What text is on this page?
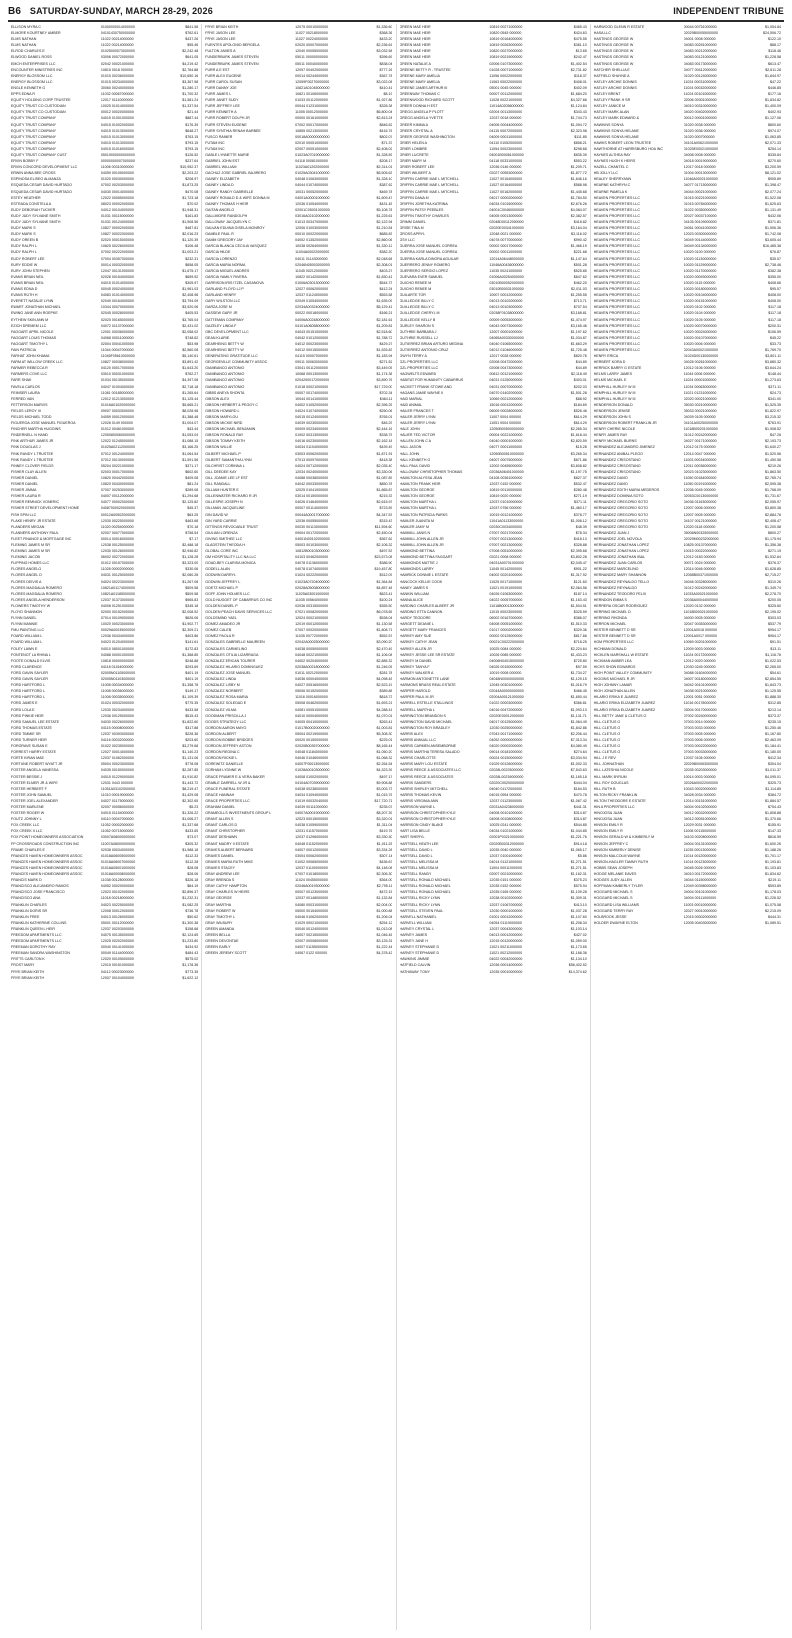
B6 SATURDAY-SUNDAY, MARCH 28-29, 2026	INDEPENDENT TRIBUNE
ELLISON MYRA C	01000000014000000	$841.58
ELMORE KOURTNEY AMBER	04101430750000000	$762.61
ELMS NATHAN	11022 00214000000	$437.26
ELMS NATHAN	11022 00214000000	$95.46
ELROD CHARLES E	01025000073000000	$2,242.48
ELWOOD DANIEL ROSS	03006 00072000000	$641.05
EMCH ENTERPRISES LLC	02042 00021000000	$4,219.42
ENCOUNTER MINISTRIES INC	10815 0018 000000	$2,764.88
ENERGY BLOSSOM LLC	01015 00236000000	$10,650.16
ENERGY BLOSSOM LLC	01015 00234000000	$3,367.58
ENGLE KENNETH G	30060 00240000000	$1,280.17
EPPS EDNA R	11032 00067000000	$1,700.32
EQUITY HOLDING CORP TRUSTEE	12017 01110000000	$1,581.24
EQUITY TRUST CO CUSTODIAN	10025 01014000000	$1,337.54
EQUITY TRUST CO CUSTODIAN	00012 00020000000	$21.44
EQUITY TRUST COMPANY	04015 01001000000	$887.44
EQUITY TRUST COMPANY	04015 01002000000	$176.39
EQUITY TRUST COMPANY	04015 01013000000	$648.27
EQUITY TRUST COMPANY	04015 01013000000	$763.15
EQUITY TRUST COMPANY	04015 01013000000	$793.15
EQUITY TRUST COMPANY	04015 01016000000	$793.15
EQUITY TRUST COMPANY CUST	05019000000000000	$126.52
ERVIN BOBBY F	00000000007000000	$237.64
ERVIN CONCORD DEVELOPMENT LLC	11006 00310000000	$10,952.37
ERWIN ANNA BEE CROSS	04059 00105000000	$2,203.22
ESPINOSA ELISEO ALMANZA	01020 00030000000	$208.97
ESQUEDA CESAR DAVID HURTADO	07002 00203000000	$1,873.25
ESQUEDA CESAR DAVID HURTADO	04030 00014000000	$470.08
ESTEY HEATHER	12022 00055000000	$1,723.18
ESTRADA CONSTELA A	08023 00002000000	$70.02
EUDY DEBORAH TUCKER	04012 00104000000	$1,948.31
EUDY JUDY SYLVANE SMITH	01031 00115000000	$161.83
EUDY JUDY SYLVANE SMITH	01031 00124000000	$1,508.56
EUDY MARK S	10827 00002000000	$487.81
EUDY MARK S	10827 00022000000	$2,016.23
EUDY OREEN B	02020 00015000000	$1,120.39
EUDY RALPH L	10825 00226000000	$106.48
EUDY RALPH L	07002 00222000000	$1,003.21
EUDY ROBERT LEE	07004 00357000000	$232.31
EURY EDDIE W	00014 00032000000	$658.05
EURY JOHN STEPHEN	12047 00131000000	$1,675.17
EVANS BRIAN NEIL	02026 00154000000	$659.92
EVANS BRIAN NEIL	04015 01014000000	$305.97
EVANS EDNA D	00045 00024000000	$1,961.03
EVANS RUTH H	04083 01014000000	$2,408.98
EVERETT NATALIE LYNN	02049 00164000000	$3,794.09
EWART JONATHAN MICHAEL	10344 00070000000	$3,920.06
EWING JANE ANN ROEPKE	02045 00028000000	$405.53
EYTHEW SKIN ANN M	02020 00165000000	$3,765.04
EZICH DREMEM LLC	04072 01137000000	$2,431.02
FAGGART APRIL NICOLE	12001 00036000000	$2,058.02
FAGGART LOUIS THOMAS	04068 00011000000	$748.62
FAGGART TIMOTHY L	02004 00041000000	$53.98
FAIN PATRICIA	11044 00047000000	$2,560.08
FARHAT JOHN KHAMA	11045F05610000000	$5,140.61
FARM AT WILLOW CREEK LLC	10827 00038000000	$3,891.42
FARMER REBECCA R	04120 00017000000	$1,643.20
FARMERS COVE LLC	03010 00031000000	$762.27
FARR SHAK	01034 00135000000	$4,397.08
FAVELA CARLOS	04047 01004000000	$2,718.18
FEIMSER LAURA	11081 00185000000	$1,265.64
FERRED VAN	12012 01213000000	$1,125.44
FETTERSON MARVIS	01016A01020000000	$5,665.21
FIELDS LEROY III	09007 00033000000	$8,028.98
FIELDS MICHAEL TODD	04059 00012000000	$1,388.48
FIGUEROA JOSE MANUEL FIGUEROA	12026 0149 000000	$1,004.07
FINCHER MARTHA HUGGINS	01012 00461000000	$43.44
FINDERNELL N HAND	12050800060000000	$1,053.04
FINK ARTHUR JAMES JR	12022 01245000000	$1,088.15
FINK DOUGLAS J	01025A02112000000	$3,166.25
FINK RANDY L TRUSTEE	07012 00124000000	$1,064.54
FINK RANDY L TRUSTEE	07012 00130000000	$1,591.56
FINNEY CLOVER FIELDS	05204 00221000000	$371.17
FISHER CLAY ALLEN	02003 00017000000	$602.60
FISHER DANIEL	10820 00442000000	$409.08
FISHER DANIEL	10820 00430000000	$81.24
FISHER JIMMA	07007 00253000000	$289.08
FISHER LAURA R	04007 00112000000	$1,294.68
FISHER REMNICK VONERIC	04077 00002000000	$2,125.82
FISHER STREET DEVELOPMENT HOME	04087000020000000	$45.37
FISH SPIN LLC	00012A00502000000	$63.25
FLAKE HENRY JR ESTATE	12030 00225000000	$463.68
FLANDERS MEGAN	11020 00254000000	$70.18
FLANNERS ANTHONY PAUL	02007 00077000000	$758.54
FLEET FINANCE & MORTGAGE INC	00014 00016000000	$7.17
FLEMING JAMES M SR	12038 00125000000	$2,488.18
FLEMING JAMES M SR	12030 00126000000	$2,946.82
FLEMING JACOB	06002 00272000000	$1,128.28
FLIPPING HOMES LLC	01012 00157000000	$3,323.00
FLORES ANGELO	11028 00002000000	$330.06
FLORES ANGEL D	04031 00125000000	$2,080.28
FLORES DEIVIS A	04024 00223000000	$1,267.08
FLORES MAGDALIA ROMERO	10821A01174000000	$509.58
FLORES MAGDALIA ROMERO	10821A01185000000	$509.58
FLORES ANGELA HENDERSON	12037 01373000000	$965.83
FLOWERS TIMOTHY W	04008 01251000000	$345.18
FLOYD SHANNON	02000 00152000000	$2,008.52
FLYNN DANIEL	07014 00109000000	$626.06
FLYNN MANNIE	10020 00023000000	$1,902.77
FMU PAINTING LLC	00029A00035000000	$2,309.21
FOARD WILLIAM L	12036 00434000000	$403.86
FOARD WILLIAM L	04023 01204000000	$141.61
FOLEY LAWN E	04010 08001000000	$172.83
FONTENOT LA RHINA L	04088 00001000000	$1,368.85
FOOTE DONALD ELVIS	10818 00000000000	$248.88
FORD CLARENCE	04118 01154000000	$293.69
FORD GAVIN SAYLER	02005N01105000000	$401.19
FORD GAVIN SAYLER	02005N01103000000	$401.19
FORD HARTFORD L	11008 00034000000	$1,358.78
FORD HARTFORD L	11008 00036000000	$149.17
FORD HARTFORD L	11008 00035000000	$1,109.39
FORD JAMES E	01024 00032000000	$775.35
FORD LOLA E	12030 00234000000	$433.58
FORD PINKIE HEIR	12036 00125000000	$515.43
FORD SAMUEL LEE ESTATE	04030 00226000000	$1,822.60
FORD THOMAS ESTATE	04115 00008000000	$317.88
FORD TIMMIE SR	12037 00393000000	$228.36
FORD TURNER HEIR	04116 00032000000	$203.60
FORGRAVE SUSAN E	01022 00235000000	$3,279.68
FORREST HARRY ESTATE	12027 00014000000	$1,140.23
FORTE KIRAN MAE	12037 01062000000	$1,131.06
FORTUNE ROBERT WYATT JR	05004 00023000000	$778.08
FOSTER ANGELA VANESSA	04035 00150000000	$2,287.85
FOSTER BESSIE J	04015 01229000000	$1,910.82
FOSTER ELMER JR & WIFE	12031 0443 000000	$1,443.72
FOSTER HERBERT F	11051A03102000000	$8,219.47
FOSTER JOHN SAMUEL	11010 00019000000	$1,429.08
FOSTER JOEL ALEXANDER	04027 01175000000	$2,302.65
FOSTER MARLENE	02007 00056000000	$5.23
FOSTER ROGER W	04015 01154000000	$1,326.22
FOUTZ JOHNNY L	04110 00047000000	$1,006.27
FOX CREEK LLC	11052 00002000000	$1,337.68
FOX CREEK II LLC	11052 00715000000	$433.65
FOX POINT HOMEOWNERS ASSOCIATION	03007A08000000000	$73.07
FP CROSSROADS CONSTRUCTION INC	11007A08000000000	$305.32
FRAME CHARLES E	02038 00034000000	$1,988.18
FRANCES HAVEN HOMEOWNERS ASSOC	01018A06005000000	$112.33
FRANCES HAVEN HOMEOWNERS ASSOC	01018A06007000000	$112.28
FRANCES HAVEN HOMEOWNERS ASSOC	01018A05001000000	$28.08
FRANCES HAVEN HOMEOWNERS ASSOC	01018A00008000000	$28.06
FRANCIS MARK D	11038 00128000000	$326.18
FRANCISCO ALEJANDRO RAMOS	04052 00020000000	$64.19
FRANCISCO JOSE FRANCISCO	12023 00102000000	$2,896.37
FRANCISCO ANA	11018 00218000000	$1,232.31
FRANKLIN CHARLES	04023 00225000000	$1,082.25
FRANKLIN DORIS SR	12008 00012000000	$736.78
FRANKLIN FREE	04013 00126000000	$50.62
FRANKLIN KATHERINE COLLINS	05001 00112000000	$1,300.38
FRANKLIN QUEEN L HEIR	12037 00203000000	$158.68
FREEDOM APARTMENTS LLC	04075 00135000000	$2,124.65
FREEDOM APARTMENTS LLC	12025 00202000000	$1,233.80
FREEMAN DOROTHY RAY	00040 00141000000	$434.92
FREEMAN SANDRA WASHINGTON	00049 01144000000	$484.43
FRITTS CARLTON K	12020 00105000000	$575.02
FROST MARY	12015 00151000000	$1,178.36
FRYE BRIAN KEITH	04112 00023000000	$773.35
FRYE BRIAN KEITH	12007 00104000000	$1,622.12
FRYE BRIAN KEITH	12075 00010000000	$1,336.60
FRYE JASON LEE	11027 00218000000	$368.36
FRYE JASON LEE	11027 00224000000	$433.20
FUENTES APOLONIO BERGELA	02020 00007000000	$2,236.61
FULTON JAMES A	12040 00055000000	$3,032.58
FUNDERBURK JAMES STEVEN	05011 00000000000	$396.69
FUNDERBURK JAMES STEVEN	05011 00040000000	$838.04
FURR A E EST	12097 00402000000	$777.26
FURR ALEX EUGENE	00014 00244000000	$367.78
FURR CAROL SUSAN	12059F00270000000	$3,022.08
FURR DANNY JOE	10821A01045000000	$410.41
FURR JAMES L	10821 00106000000	$8.19
FURR JANET SUDY	01033 00112000000	$1,927.86
FURR JEFFREY LEE	00044 01231000000	$328.38
FURR KENNETH A	11005 00012000000	$6,800.04
FURR ROBERT DOLPH JR	00000 00161000000	$2,813.24
FURR STEVEN EUGENE	07002 00017000000	$846.52
FURR SYNTHIA RENAH BARBEE	10855 00213000000	$416.76
FUSCO RANIER	00018A00000000000	$802.07
FUTAM INC	02010 00051000000	$71.37
FUTAM INC	02007 00051000000	$2,408.02
GABLE LYNNETTE MARIE	01023A07019000000	$1,328.59
GABRIEL JOHN EST	04118 00081000000	$208.17
GABRIEL WILLIAM	11023A01202000000	$2,314.01
GACHUZ JOSE GABRIEL BAJIRERO	01025A03041000000	$6,505.63
GAINEY ELIZABETH	04048 01063000000	$1,328.10
GAINEY LINDA D	04044 01074000000	$387.62
GAINEY RANDY GABRIELLE	10031 00052000000	$469.78
GAINEY RONALD D & WIFE DONNA M	04001A00001000000	$1,609.47
GAINEY THOMAS H HEIR	12036 01054000000	$431.45
GAITAN ANGELO	02001C05001000000	$5,108.78
GALLIMORE RANDOLPH	03016A02102000000	$1,225.61
GALLOWAY JACQUELYN C	01013 00347000000	$2,122.94
GALVAN EDUINA GISELA MONROY	12006 01003000000	$1,210.54
GAMBLE PAUL R	00010 00022000000	$685.83
GAMM GREGORY JAY	04002 01352000000	$2,860.06
GARCIA BLANCA CECILIA VASQUEZ	10038 00264000000	$1,330.12
GARCIA HILDE	11004A00022000000	$382.20
GARCIA LORENZO	04011 01143000000	$2,048.68
GARCIA MARIA NORMA	02046N05003000000	$2,308.01
GARCIA MIGUEL ANDRES	11045 00212000000	$403.27
GARCIA YAMILY RIVERA	10822 00142000000	$1,830.41
GARRISON IRIS ITZEL CASANOVA	01006A03013000000	$544.73
GARLAND FLOYD LJ P	12027 00062000000	$412.24
GARLAND HENRY	12037 01124000000	$553.58
GARY WILSTON LLC	02049 01054000000	$1,635.09
GARZA JOSE M	02034A00324000000	$5,129.41
GASSEW GARY JR	00022 00018000000	$166.21
GATTEMAN COMPANY	04006A00248000000	$2,181.61
GAZELEY LINDA F	04101A06058000000	$1,209.81
GBC DEVELOPMENT LLC	04043 00151000000	$2,518.60
GEAN KLARIE	04042 01012000000	$1,788.72
GEARHEING BETTY W	04012 00023000000	$429.27
GEARHEING BETTY W	04012 00015000000	$1,525.83
GENERATING GRATITUDE LLC	04115 00007000000	$1,183.94
GEORGEVILLE COMMUNITY ASSOC	09011 00063000000	$271.52
GIAMBANCO ANTONIO	03041 00112000000	$3,449.05
GIAMBANCO ANTONIO	10068 00013000000	$1,174.38
GIAMBANCO ANTONIO	02042000172000000	$3,890.76
GIAMBANCO ANTONIO	01018 00021000000	$17,729.00
GIBBS ANEYA SHONTA	00007 00174000000	$702.34
GIBSON ALEX	10044 00141000000	$464.11
GIBSON HERBERT & PEGGY C	04002 01052000000	$2,396.25
GIBSON HOWARD L	04024 01074000000	$250.06
GIBSON MARYLOU	04015 00124000000	$765.01
GIBSON MICKIE NIRD	04039 00230000000	$46.29
GIBSON MICHAEL BENJAMIN	00009 00234000000	$2,444.16
GIBSON RONALD RAY	01002 00313000000	$338.75
GIBSON TOMMY KEITH	04016 00230000000	$2,162.18
GIBSON WILLIE	04034 01104000000	$439.49
GILBERT MICHAEL P	03003 00062000000	$1,871.91
GILBERT SAMANTHA LYNN	07013 00097000000	$418.38
GILCHRIST CORINNA L	04024 00712000000	$2,035.40
GILL DEEDEE KAY	12034 00240000000	$3,330.06
GILL JOANIE LEE LF EST	04088 00038000000	$1,087.89
GILL RANDALL	04042 00033000000	$850.78
GILLIAM HUNTER E	12025 01041000000	$1,865.87
GILLENWATER RICHARD R JR	03014 00150000000	$215.33
GILLESPIE JOSEPH N	04026 01464000000	$2,615.97
GILLMAN JACQUELINE	00007 00114000000	$723.59
GIN DAVID W	00044A00017000000	$4,347.53
GIN YARD CARRIE	12036 00055000000	$315.43
GITTINGS REVOCABLE TRUST	00030 00113000000	$11,594.60
GIULIAN LORENZA	09004 00172000000	$2,450.04
GIVING SMITHEE LLC	04001N00102000000	$367.62
GLADSTEIN THEODA H	05003 00103000000	$2,106.32
GLOBAL CORE INC	10812B00103000000	$497.53
GM HOSPITALITY LLC NA LLC	04103 00462000000	$23,573.08
GOAD-BEY CLARISA MONICA	04078 01136000000	$386.90
GODELL ALAN	04078 01074000000	$19,457.80
GODWIN DARRYL	01024 00222000000	$312.09
GODWIN JEFFREY L	01023A07204000000	$1,364.84
GOETZ MICHAEL P	02028A05008000000	$4,857.48
GOFF JOHN HOLMES LLC	11025A03001000000	$623.41
GOLD NUGGET OF CABARRUS CO INC	11035 00564000000	$100.24
GOLDEN DANIEL P	02036 00315000000	$355.50
GOLDEN PEACH DAVIS SERVICES LLC	07021 00082000000	$6,078.65
GOLDSMIND YAEL	12024 00021000000	$538.04
GOMEZ AMADEO JR	12019 00012000000	$1,130.58
GOMEZ CALEB	07007 00020000000	$1,808.71
GOMEZ PAOLA R	11035 00772000000	$552.57
GONZALES GABRIELLE MAUREEN	02042A00025000000	$3,090.20
GONZALES CARMELINO	04038 00050000000	$2,470.49
GONZALES OTILIA LIZARRAGA	04048 00221000000	$1,106.08
GONZALEZ ERICAN TOURER	04002 00204000000	$2,885.32
GONZALEZ HILARIO DOMINGUEZ	02038A00218000000	$1,246.05
GONZALEZ JOSE MANUEL	01011 00212000000	$281.78
GONZALEZ LINDA	04036 00004000000	$4,098.45
GONZALEZ LISBY M	04027 00516000000	$2,523.19
GONZALEZ NORBERT	05006 00152000000	$389.88
GONZALEZ ROSA MARIA	11016 00016000000	$818.73
GONZALEZ SOLEDAD E	05008 00462000000	$1,693.21
GONZALEZ VILMA	04081 00051000000	$4,288.41
GOODMAN PRISCILLA J	04010 00004000000	$1,070.01
GOODS STRATEGY LLC	04005 00410000000	$263.41
GORDON AARON MAYO	01017B00020000000	$1,003.81
GORDON ALBERT	05004 00219000000	$5,308.30
GORDON BOBBIE BRIDGES	00020 00150000000	$225.01
GORDON JEFFREY ASTON	02020B00357000000	$8,165.44
GORDON REGINA C	04048 01184000000	$1,050.20
GORDON RICKIE L	04046 01046000000	$1,068.32
GOREWITZ DANIELLE	04007F00013000000	$2,264.54
GORHAM LYDNNE W	01028A00103000000	$4,323.39
GRACE FRAMER E & VERA BAKER	04008 01002000000	$497.17
GRABLE DARRELL W JR &	04104A07039000000	$9,908.88
GRACE FUNERAL ESTATE	04038 00238000000	$3,003.73
GRACE HANNAH	04034 01094000000	$1,015.76
GRACE PROPERTIES LLC	01019 00032040000	$17,720.71
GRAHAM DANIEL	04039 00111000000	$235.07
GRAMEOLLS INVESTMENTS GROUP L	04007A00019000000	$8,207.39
GRANT ALLEN S	12023 00015000000	$3,320.01
GRANT CARLOS D	04038 01059000000	$1,311.04
GRANT CHRISTOPHER	12031 01157000000	$419.76
GRANT DESHAWN	12037 01296000000	$3,330.30
GRANT MADRY II ESTATE	04048 01152000000	$1,011.25
GRAVES ALBERT BERNARD	04007 00012000000	$3,334.28
GRAVES DANIEL	03004 00062000000	$307.14
GRAVES MARIA RUTH MIKE	01002 00065000000	$436.67
GRAVES STACEY	12037 01100000000	$4,148.08
GRAY ANDREW LEE	07007 01018000000	$2,306.30
GRAY BRENDA S	11024 00455000000	$364.00
GRAY CATHY HAMPTON	02046A00193000000	$2,795.11
GRAY CHARLES W HEIRS	00007 00123000000	$472.15
GRAY GEORGE	12037 00148000000	$1,132.84
GRAY MARTHA	04080 00031000000	$2,004.00
GRAY ROBERT W	05000 00154000000	$1,000.88
GRAY TIMOTHY L	04046 01062000000	$1,206.04
GRAY WILBURY	01029 00021000000	$254.12
GREEN AMANDA	00040 00124000000	$1,013.08
GREEN BELLA	04007 00215000000	$1,046.46
GREEN DEVONTAE	02007 00008000000	$3,125.31
GREEN EARLY	04007 01155000000	$1,222.44
GREEN JEREMY SCOTT	04067 0122 000000	$4,378.42
GREEN MAE HEIR	10819 00271000000	$465.43
GREEN MAE HEIR	10820 0545 000000	$424.63
GREEN MAE HEIR	10819 00164000000	$475.55
GREEN MAE HEIR	10819 00263000000	$361.10
GREEN MAE HEIR	10820 00270000000	$13.65
GREEN MAE HEIR	10819 00219000000	$242.47
GREEN NATALIE A	02006 01073000000	$1,402.54
GREENE BETTY R - TRUSTEE	01028 00071000000	$2,731.82
GREENE MARY AMELIA	11056 00022000000	$118.37
GREENE MARY AMELIA	11063 00022000000	$408.01
GREENE JAMES ARTHUR III	05001 0045 000000	$402.09
GREENWAY THOMAS C	00007 00112000000	$1,684.20
GREENWOOD RICHARD SCOTT	11028 00221000000	$4,327.66
GREER DONNA H EST	11014A02056000000	$1,124.84
GREGG ANGELA P PLOTT	02004 00113000000	$343.43
GREGG ANGELA YVETTE	12037 0018 000000	$1,744.73
GREER KIMMA A	04006 00044000000	$1,094.72
GREER CRYSTAL A	04115 00072000000	$2,323.98
GREER GEORGE WASHINGTON	04009 00011000000	$111.85
GRIER HELEN A	04110 01052000000	$858.21
GRIER LOMBRE	11054 00023000000	$298.68
GRIER LUCRETE	04001B00061000000	$835.39
GRIER MARY M	04118 00331000000	$553.22
GRIER ROBERT LEE	12036 0146 000000	$1,209.71
GRIER WILBERT A	02027 00553000000	$1,877.72
GRIFFIN CARRIE MAE L MITCHELL	11027 00154000000	$1,646.16
GRIFFIN CARRIE MAE L MITCHELL	11027 00164000000	$588.98
GRIFFIN CARRIE MAE L MITCHELL	11027 00162000000	$1,445.68
GRIFFIN DANA M	04017 00002000000	$1,784.50
GRIFFIN JORETHA KATRINA	04034 01016000000	$2,676.26
GRIFFIN PATSY PEEBLES	04001C00460000000	$4,084.07
GRIFFIN TIMOTHY CHARLES	04005 00013000000	$2,382.57
GRIMM DANIEL	02048D00112000000	$418.82
GRISE TINA M	02020E00341000000	$3,164.04
GROSS APRYL	12048 0021 000000	$3,116.02
GSV LLC	04078 00770000000	$990.42
GUERRA JOSE MANUEL CORREA	00002 00017000000	$1,466.19
GUERRA JOSE MANUEL CORREA	00002 00011000000	$221.68
GUERRA KARLA DINORA AGUILAR	12014A06448000000	$1,147.64
GUERRERO JENNY ROMERO	11046A00436000000	$501.28
GUERRERO SERGIO LOPEZ	11035 00241000000	$525.85
GUEVARA EVER SAMUEL	01006A00254000000	$847.62
GUICHO RENEE M	03010B00052000000	$462.20
GUICHO RENEE M	03010B00031000000	$2,011.03
GUILARTE TOR	10007 00012000000	$1,255.55
GUILLEDGE BILLY C	04013 00102000000	$713.71
GUILLEDGE BILLY C	04013 00103000000	$707.54
GUILLEDGE CHERYL M	02038F01038000000	$3,168.81
GUILLEDGE KELLY B	00009 00053000000	$1,474.97
GURLEY SHARON S	04043 00073000000	$3,165.46
GUTHRIE BARBARA J	12007 00001000000	$1,197.62
GUTHRIE RUSSELL LJ	04065A00330000000	$1,034.87
GUTIERREZ BRIAN ARTURO MEDINA	04040 01065000000	$1,663.29
GUTIERREZ ANTONIO CRUZ	04012 01046000000	$1,725.48
GWYN TERRY A	12017 0028 000000	$820.76
GZL PROPERTIES LLC	02008 00472000000	$44.89
GZL PROPERTIES LLC	02008 00473000000	$44.89
HAGWELTS EDWARD	00812 00121000000	$2,118.49
HABITAT FOR HUMANITY CABARRUS	04031 01250000000	$403.01
HACKETT FRANK STOWE AND	04031 00070000000	$202.03
HAGANS JAMIE WAYNE II	04070 01402000000	$1,501.28
HAID MARIAL	10069 00212000000	$88.92
HAID ANIMAL	15016 00012000000	$184.69
HAILER FRANCES T	06009 00028000000	$526.46
HAILER JERRY LYNN	11007 0004 000000	$614.29
HAILER JERRY LYNN	11051 0004 000000	$614.29
HALE JOHN	12050B00500000000	$2,265.34
HALIER TED VICTOR	00004 00221000000	$1,618.44
HALLEN JOHN C A	04040 00001000000	$2,820.59
HALL JASON	04077 00011000000	$15.28
HALL JOHN	12050B00510000000	$3,265.34
HALL KENNETH G	04007 00075000000	$871.86
HALL PAUL DAVID	12002 00455000000	$3,608.82
HALLOWAY CHRISTOPHER THOMAS	02036A06401000000	$1,197.75
HAMILTON ALYSSA JEAN	04108 00361000000	$827.37
HAMILTON FRANK HEIR	12037 0152 000000	$532.47
HAMILTON GEORGE	10819 00110000000	$280.48
HAMILTON GEORGE	10819 0020 000000	$271.19
HAMILTON MARTHA L	12037 01010000000	$371.11
HAMILTON MARTHA L	12037 0756 000000	$1,460.17
HAMILTON PATRICIA PARKS	10019 00121000000	$378.77
HAMLER JUANITA M	11041A01133000000	$1,008.12
HAMLER JAMY M	02030C0034000000	$48.39
HAMMILL JANIS N	07007 00217000000	$78.34
HAMMILL JOHN ALLEN JR	07007 00213000000	$418.13
HAMMILL JOHN ALLEN JR	07007 00213000000	$328.88
HAMMOND BETTINA	07008 00510000000	$2,395.68
HAMMOND BETTINA FAGGART	02021 0008 000000	$3,802.28
HAMMONDS MATTIE J	04031A00701000000	$2,045.47
HAMMONDS LARRY	11045 00142000000	$901.22
HAMRICK DONNIE L ESTATE	04002 00201000000	$1,317.92
HANCOCK KELLIE COOK	11025 00171000000	$121.60
HANEY JAMES S	11021 00191000000	$2,064.56
HANKIN WILLIAM	04026 01063000000	$187.14
HANNA ALICE	04022 00057000000	$1,163.43
HARDING CHARLES ALBERT JR	11018B00013000000	$1,504.51
HARDING ETTA CANNON	11015 00023000000	$325.59
HARDY TEODORE	06002 00167000000	$386.07
HARGETT DEANIE L	04008 00051000000	$1,510.33
HARGETT MARY FRANCES	01017 00002000000	$329.36
HARKEY AMY SUE	00002 00125000000	$817.66
HARKEY CATHY JEAN	00021C00222000000	$718.25
HARKEY ALLEN JR	10025 0084 000000	$2,224.64
HARKEY JESSE LEE SR ESTATE	10026 0085 000000	$1,433.23
HARKEY M DANIEL	04006N04015000000	$725.80
HARKEY TANYA F	04026 00150000000	$97.59
HARKEY WALKER A	10019 0008 000000	$1,734.27
HARMON ANTOINETTE LANE	04048N00000000000	$1,129.15
HARMONS BRASS REAL ESTATE	12045 00301000000	$1,016.79
HARPER HAROLD	02044A00000000000	$466.45
HARPER PAUL M JR	02004A00121000000	$1,650.44
HARRELL ESTELLE STALLINGS	01022 00003000000	$366.81
HARRELL MARTHA L	04016 00472000000	$1,093.13
HARRINGTON BRANDON S	02020E00012000000	$1,131.71
HARRINGTON DAVID MICHAEL	04017 00125000000	$1,064.49
HARRINGTON ROY BRADLEY	12030 00250000000	$1,842.86
HARRIS ALEX	07043 00171000000	$2,206.44
HARRIS ANNUAL LLC	04052 00000000000	$7,313.34
HARRIS CARMEN ANSEMBORNE	04020 00002000000	$4,080.49
HARRIS MARTHA TERESA SALADO	09014 00181000000	$274.64
HARRIS CHARLOTTE	00024 00150000000	$3,034.94
HARRIS MARY LOU ESTATE	01029 00126000000	$1,002.33
HARRIS REECE & ASSOCIATES LLC	02028L00225000000	$7,543.63
HARRIS REECE & ASSOCIATES	02028L00239000000	$1,165.18
HARRIS SANDERS	02020C00200000000	$444.04
HARRIS SHIRLEY MITCHELL	04040 01172000000	$164.53
HARRIS THOMAS KEVIN	04015 0954 000000	$470.78
HARRIS VIRGINIA ANN	12037 01123000000	$1,067.42
HARRISON WAYNE L	02031A04236000000	$441.31
HARRISON CHRISTOPHER KYLE	04008 00101000000	$314.87
HARRISON CHRISTOPHER KYLE	04008 00108000000	$314.87
HARRISON CINDY BLAKE	10025 0241 000000	$544.85
HART LISA BELLE	04034 01021000000	$1,044.85
HART SHERYL	02001P03210000000	$1,221.76
HARTSELL HEATH LEE	02020B00312000000	$914.18
HARTSELL DAVID L	10035 0040 000000	$1,065.17
HARTSELL DAVID L	12037 01001000000	$5.86
HARTSELL MELISSA M	04014 01121000000	$1,271.51
HARTSELL MELISSA M	11004 00011000000	$1,271.51
HARTSELL RANDY	02007 00210000000	$1,162.31
HARTSELL RONALD MICHAEL	12035 0151 000000	$375.23
HARTSELL RONALD MICHAEL	12035 0152 000000	$575.94
HARTSELL RONALD MICHAEL	12035 0165 000000	$1,109.28
HARTSELL RICKY LYNN	12038 00102000000	$1,309.31
HARTSELL RICKY LYNN	12037 01067000000	$413.10
HARTSELL STEVEN PAUL	12030 00001000000	$1,037.28
HARVELL NATHANIEL	01001 00012000000	$1,107.60
HARVELL WILLIAM	04054 01119000000	$1,208.34
HARVEY CRYSTAL L	12037 00043000000	$1,103.14
HARVEY JAMES	04013 00012000000	$427.02
HARVEY JANE H	12015 00120000000	$1,059.00
HARVEY STEPHANIE D	11021 00211000000	$1,173.65
HARVEY STEPHANIE D	11021 00212000000	$1,168.36
HAWKINS JIMMIE	04022 00042000000	$1,134.10
HATFIELD CALVIN	12036 00014000000	$56,402.52
HATHAWAY TONY	12035 00010000000	$14,374.62
HARWOOD GLENN R ESTATE	00044 00751000000	$1,054.84
HASA LLC	02029B00055000000	$24,506.72
HASTINGS GEORGE W	04001 0008 000000	$122.10
HASTINGS GEORGE W	04083 00251000000	$88.17
HASTINGS GEORGE W	04083 00212000000	$118.46
HASTINGS GEORGE W	04083 00121000000	$1,228.58
HASTINGS GEORGE W	04083 00173000000	$613.47
HATCHER SHELLIA E	04077 00412000000	$2,611.28
HATFIELD SHAYNE A	01020 00124000000	$1,844.97
HATLEY ARCHIE DONNIS	11024 00031000000	$47.22
HATLEY ARCHIE DONNIS	11024 00032000000	$446.85
HATLEY BRENT	11024 00101000000	$177.16
HATLEY FRANK H SR	02006 00301000000	$1,834.82
HATLEY JANICE M	04010 00310000000	$1,400.09
HATLEY MARK ALAN	04020 00402000000	$402.93
HATLEY MARK EDWARD &	00012 00001000000	$1,127.06
HAWKINS SONYA	01020 0038 000000	$800.60
HAWKINS SONYA HELANE	01020 0036 000000	$974.07
HAWKINS SONYA HELANE	01020 0007000000	$1,063.85
HAWKS ROBERT LEON TRUSTEE	04101A00621000000	$2,071.33
HAWTHORNE AT HARRISBURG HOA INC	01025E00021000000	$254.14
HAYNES ALTHEA RAY	04008 0008 000000	$335.84
HAYNES HUGH K HEIRS	04018 00019000000	$270.60
HAZELL CHANTEL C	12017 0018 000000	$3,200.59
HB JOLLY LLC	01004 00013000000	$8,121.02
HEALEY SHERRYANN	11046A00021000000	$905.89
HEARNE KATHRYN C	04077 01715000000	$1,398.47
HEARNE PAMELA K	04044 00021000000	$2,077.24
HEAVEN PROPERTIES LLC	01015 00221000000	$1,522.08
HEAVEN PROPERTIES LLC	01015 00784000000	$1,625.63
HEAVEN PROPERTIES LLC	01022 00350000000	$1,131.49
HEAVEN PROPERTIES LLC	02027 00037100000	$432.06
HEAVEN PROPERTIES LLC	04105 00109000000	$371.81
HEAVEN PROPERTIES LLC	04061 00041000000	$1,506.36
HEAVEN PROPERTIES LLC	12023 00300000000	$1,742.08
HEAVEN PROPERTIES LLC	04049 00144000000	$3,605.44
HEAVEN PROPERTIES LLC	04049 00134000000	$16,485.36
HEAVEN PROPERTIES LLC	10020 0100 000000	$76.87
HEAVEN PROPERTIES LLC	10020 01130000000	$35.57
HEAVEN PROPERTIES LLC	10020 01129000000	$2,738.46
HEAVEN PROPERTIES LLC	10020 01170000000	$382.38
HEAVEN PROPERTIES LLC	10020 00093000000	$355.00
HEAVEN PROPERTIES LLC	10020 0115 000000	$408.66
HEAVEN PROPERTIES LLC	10020 00180000000	$95.57
HEAVEN PROPERTIES LLC	10020 00104000000	$408.00
HEAVEN PROPERTIES LLC	10020 00151000000	$408.00
HEAVEN PROPERTIES LLC	10020 0102 000000	$117.18
HEAVEN PROPERTIES LLC	10020 0104 000000	$117.18
HEAVEN PROPERTIES LLC	10020 0105 000000	$117.18
HEAVEN PROPERTIES LLC	10020 00070000000	$200.31
HEAVEN PROPERTIES LLC	10020 00024000000	$106.59
HEAVEN PROPERTIES LLC	10020 00107000000	$45.22
HEAVEN PROPERTIES LLC	10020 0006 000000	$33.73
HEAVEN PROPERTIES LLC	02043A00021000000	$1,769.70
HENRY ERICA	01024D00130000000	$3,801.11
HERBERT KORA D	04028 00261000000	$3,880.32
HERRICK BARRY G ESTATE	12012 0106 000000	$3,644.24
HELMS LARRY JAMES	11044 0006 000000	$148.44
HELMS MICHAEL E	11024 00001000000	$1,273.63
HEMPHILL HURLEY W III	11034 00063000000	$371.11
HEMPHILL HURLEY W III	11021 01231000000	$24.73
HEMPHILL HURLEY W III	02020 00021000000	$341.00
HENDERSON DONALD	05030 00210000000	$1,525.35
HENDERSON JENISE	05033 00021000000	$1,822.97
HENDERSON JOHN S	04039 0105 000000	$3,215.32
HENDERSON ROBERT FRANKLIN JR	04101A00250000000	$763.91
HENRY CHERIE NICOLE	11018B00201000000	$1,908.52
HENRY JAMES RAY	01012 00242000000	$47.26
HENRY MICHAEL BURNS	04027 00171000000	$2,193.73
HERNANDEZ ALEJANDRO JIMENEZ	12012 0175 000000	$1,640.27
HERNANDEZ ANIBAL PLEGO	12014 0047 000000	$1,520.56
HERNANDEZ CRISOSTANO	11003 00034000000	$1,450.58
HERNANDEZ CRISOSTANO	12011 00036000000	$210.26
HERNANDEZ CRISOSTANO	02023 01023000000	$1,863.50
HERNANDEZ DAVID	11050 00184000000	$2,765.74
HERNANDEZ DAVID	11050 00191000000	$2,595.38
HERNANDEZ EDITH MARIA MEDEROS	12036 0045 000000	$1,768.09
HERNANDEZ DOMINIA SOTO	02053C00130000000	$1,731.67
HERNANDEZ GREGORIO SOTO	04036 01163000000	$2,055.97
HERNANDEZ GREGORIO SOTO	12007 0006 000000	$3,800.38
HERNANDEZ GREGORIO SOTO	12007 0005 000000	$2,884.76
HERNANDEZ GREGORIO SOTO	04107 00121000000	$2,408.47
HERNANDEZ GREGORIO SOTO	12020 0118 000000	$1,200.58
HERNANDEZ JUAN J	05006N00325000000	$800.27
HERNANDEZ JOEL NOVOLA	02029M00232000000	$1,175.94
HERNANDEZ JONATHAN LOPEZ	10825 00137000000	$1,356.38
HERNANDEZ JONATHAN LOPEZ	10015 00022000000	$271.19
HERNANDEZ JONATHAN IBAL	12012 0183 000000	$1,532.64
HERNANDEZ JUAN CARLOS	00071 0024 000000	$376.37
HERNANDEZ MARCELINO	12014 0046 000000	$1,628.85
HERNANDEZ MARY SHANNON	12058B00371000000	$2,715.27
HERNANDEZ REYNALDO TELLO	04046 00328000000	$310.26
HERNANDEZ REYNALDO	01012 00242000000	$1,349.74
HERNANDEZ TEODORO FELIX	11033A00021000000	$2,278.70
HERNDON EMMA S	02036A00044000000	$200.05
HERRERA OSCAR RODRIGUEZ	12020 0132 000000	$325.60
HERRING MICHAEL D	11018B00021000000	$2,195.02
HERRING RHONDA	04000 0005 000000	$303.03
HERRON MICHAEL	02047 00353000000	$537.79
HESTER BENNETT D SR	12001A0018 000000	$954.17
HESTER BENNETT D SR	12001A0017 000000	$954.17
HGM PROPERTIES LLC	10069 00201000000	$91.51
HICHMAN DONALD	12009 0003 000000	$13.11
HICKLEN MARSHALL W ESTATE	11024 00172000000	$1,116.76
HICKMAN AMBER LEA	12012 0020 000000	$1,022.53
HICKS SHON EDWARDS	12030 0245 000000	$2,265.00
HIGH POINT VALLEY COMMUNITY	04088 01604000000	$54.61
HIGGINS MICHAEL R JR	04007 00180000000	$2,854.55
HIGH JOHNNY LAMAR	04042 00101000000	$1,843.73
HIGH JONATHAN ALLEN	04038 00210000000	$1,125.55
HILARIO ERIKA E JUAREZ	12001 0051 000000	$1,888.30
HILARIO ERIKA ELIZABETH JUAREZ	11016 00178000000	$312.85
HILARIO ERIKA ELIZABETH JUAREZ	03004 00170000000	$213.14
HILL BETTY JANE & CLETUS O	07002 00240000000	$373.37
HILL CLETUS O	07003 0014 000000	$235.15
HILL CLETUS O	07003 0033 000000	$1,250.46
HILL CLETUS O	07003 0005 000000	$1,167.80
HILL CLETUS O	07003 0006 000000	$2,463.09
HILL CLETUS O	07003 00022000000	$1,184.41
HILL CLETUS O	07003 00033000000	$1,180.00
HILL J E REV	12037 0106 000000	$412.34
HILL JOHNATHAN	02029B00063000000	$304.04
HILL LATESHIA NICOLE	02035 00203000000	$1,011.37
HILL MARK BYRUM	10014 0003 000000	$4,095.01
HILL ROY DOUGLAS	02026A00022000000	$325.73
HILL RUTH B	10043 00020000000	$1,114.85
HILTON RICKY FRANKLIN	04028 0034 000000	$384.72
HILTON THEODORE E ESTATE	12014 00151000000	$1,884.57
HIN A PROPERTIES LLC	04004 00102000000	$754.43
HINOJOSA JUAN	04012 00032000000	$1,808.88
HINOJOSA JUAN	04012 00051000000	$1,370.66
HINSON EMILY R	12029 0031 000000	$155.91
HINSON EMILY R	11008 00115000000	$147.33
HINSON GERALD W & KIMBERLY M	04103 00208000000	$816.59
HINSON JEFFREY C	04004 00131000000	$1,600.26
HINSON KIMBERLY DENISE	11035 00013000000	$1,188.26
HINSON MALCOLM WAYNE	11014 00120000000	$1,701.17
HINSON-HAGLER TAMMY RUTH	11014 00123000000	$1,193.81
HOBBS SEAN JOSEPH	04045 0026 000000	$1,103.83
HODGE MELANIE EAVES	04010 00172000000	$1,834.62
HODGES JUDY ALLEN	04044 01150000000	$219.11
HOFFMAN KIMBERLY TYLER	12049 00398000000	$593.89
HOGGARD MICHAEL S	04004 00101000000	$1,178.03
HOGGARD MICHAEL S	04004 00111000000	$1,226.52
HOGGARD LISA WILLIAMS	11003 00010000000	$1,075.58
HOGGARD TERRY RAY	02027 00010000000	$2,215.09
HOLBROOK JESSE	12015 00002000000	$444.31
HOLDER DWAYNE ELTON	12005 00403000000	$1,089.51
